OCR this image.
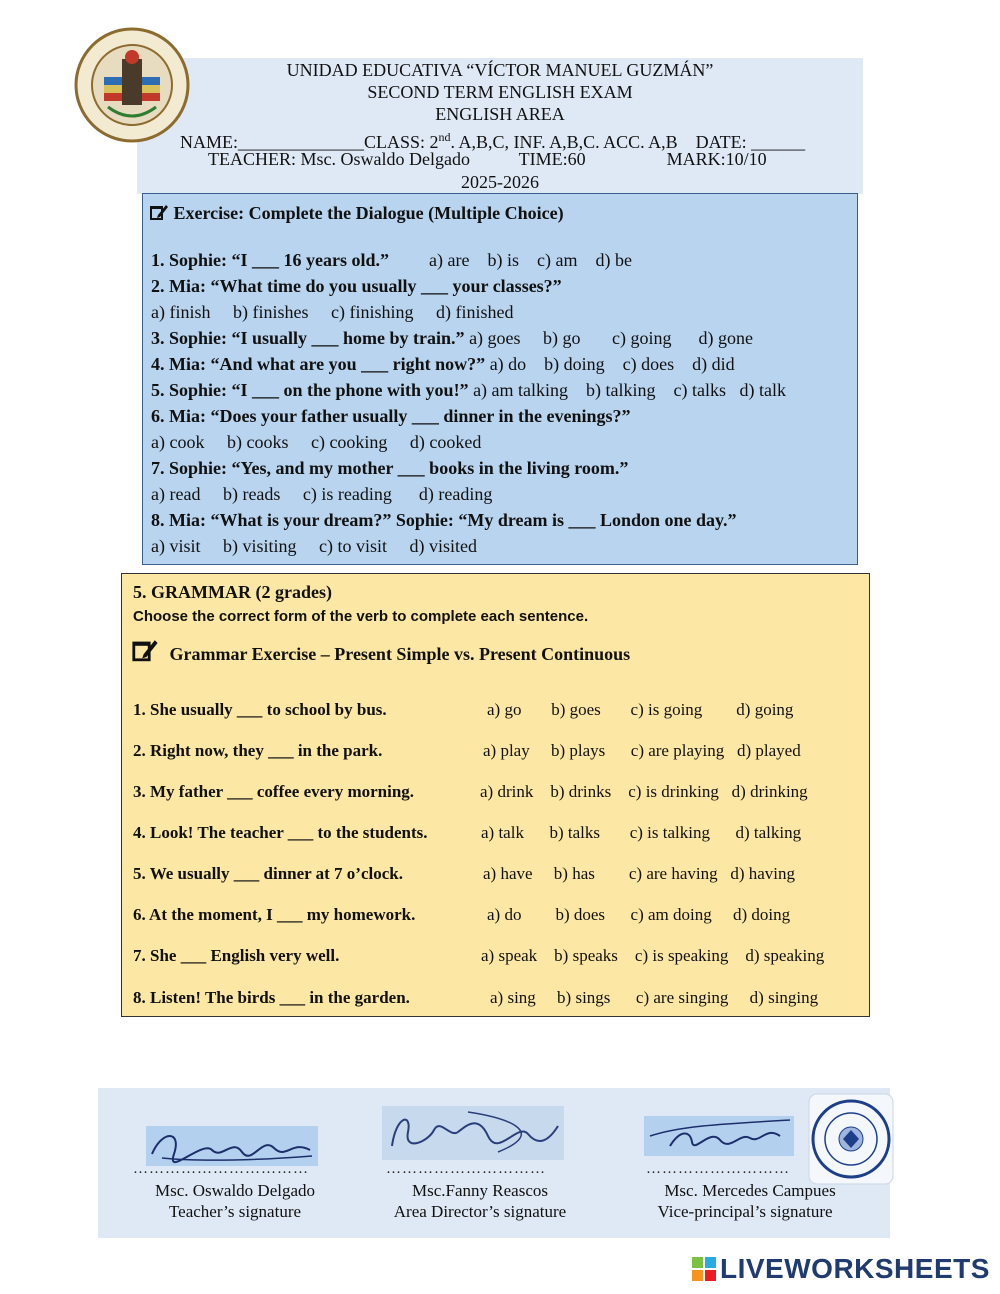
UNIDAD EDUCATIVA “VÍCTOR MANUEL GUZMÁN”
SECOND TERM ENGLISH EXAM
ENGLISH AREA
NAME:______________CLASS: 2nd. A,B,C, INF. A,B,C. ACC. A,B DATE: ______
TEACHER: Msc. Oswaldo Delgado	TIME:60	MARK:10/10
2025-2026
Exercise: Complete the Dialogue (Multiple Choice)
1. Sophie: “I ___ 16 years old.” a) are    b) is    c) am    d) be
2. Mia: “What time do you usually ___ your classes?”
a) finish     b) finishes     c) finishing     d) finished
3. Sophie: “I usually ___ home by train.” a) goes     b) go       c) going      d) gone
4. Mia: “And what are you ___ right now?” a) do    b) doing    c) does    d) did
5. Sophie: “I ___ on the phone with you!” a) am talking    b) talking    c) talks   d) talk
6. Mia: “Does your father usually ___ dinner in the evenings?”
a) cook     b) cooks     c) cooking     d) cooked
7. Sophie: “Yes, and my mother ___ books in the living room.”
a) read     b) reads     c) is reading      d) reading
8. Mia: “What is your dream?” Sophie: “My dream is ___ London one day.”
a) visit     b) visiting     c) to visit     d) visited
5. GRAMMAR (2 grades)
Choose the correct form of the verb to complete each sentence.
Grammar Exercise – Present Simple vs. Present Continuous
1. She usually ___ to school by bus.	a) go       b) goes       c) is going        d) going
2. Right now, they ___ in the park.	a) play     b) plays      c) are playing   d) played
3. My father ___ coffee every morning.	a) drink    b) drinks    c) is drinking   d) drinking
4. Look! The teacher ___ to the students.	a) talk      b) talks       c) is talking      d) talking
5. We usually ___ dinner at 7 o’clock.	a) have     b) has        c) are having   d) having
6. At the moment, I ___ my homework.	a) do        b) does      c) am doing     d) doing
7. She ___ English very well.	a) speak    b) speaks    c) is speaking    d) speaking
8. Listen! The birds ___ in the garden.	a) sing     b) sings      c) are singing     d) singing
……………………………	…………………………	………………………
Msc. Oswaldo Delgado
Teacher’s signature
Msc.Fanny Reascos
Area Director’s signature
Msc. Mercedes Campues
Vice-principal’s signature
LIVEWORKSHEETS
